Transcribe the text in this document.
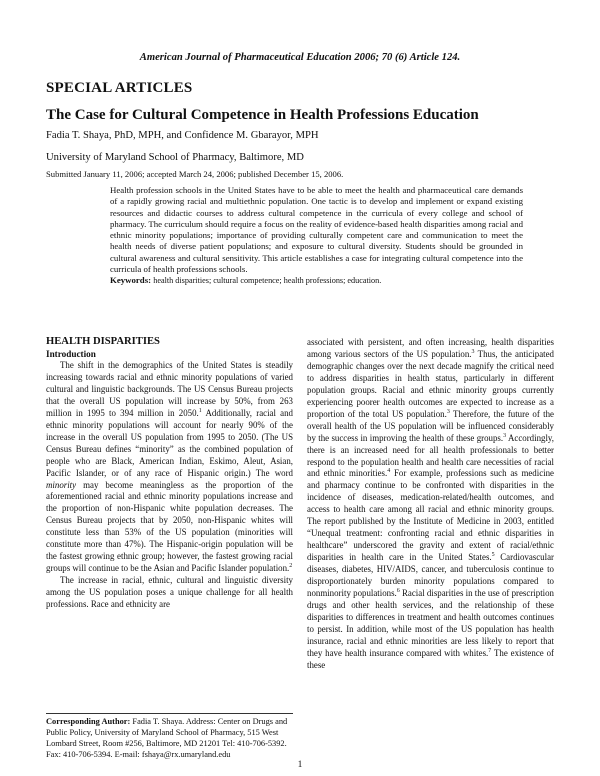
American Journal of Pharmaceutical Education 2006; 70 (6) Article 124.
SPECIAL ARTICLES
The Case for Cultural Competence in Health Professions Education
Fadia T. Shaya, PhD, MPH, and Confidence M. Gbarayor, MPH
University of Maryland School of Pharmacy, Baltimore, MD
Submitted January 11, 2006; accepted March 24, 2006; published December 15, 2006.
Health profession schools in the United States have to be able to meet the health and pharmaceutical care demands of a rapidly growing racial and multiethnic population. One tactic is to develop and implement or expand existing resources and didactic courses to address cultural competence in the curricula of every college and school of pharmacy. The curriculum should require a focus on the reality of evidence-based health disparities among racial and ethnic minority populations; importance of providing culturally competent care and communication to meet the health needs of diverse patient populations; and exposure to cultural diversity. Students should be grounded in cultural awareness and cultural sensitivity. This article establishes a case for integrating cultural competence into the curricula of health professions schools.
Keywords: health disparities; cultural competence; health professions; education.
HEALTH DISPARITIES
Introduction

The shift in the demographics of the United States is steadily increasing towards racial and ethnic minority populations of varied cultural and linguistic backgrounds. The US Census Bureau projects that the overall US population will increase by 50%, from 263 million in 1995 to 394 million in 2050.$^1$ Additionally, racial and ethnic minority populations will account for nearly 90% of the increase in the overall US population from 1995 to 2050. (The US Census Bureau defines “minority” as the combined population of people who are Black, American Indian, Eskimo, Aleut, Asian, Pacific Islander, or of any race of Hispanic origin.) The word minority may become meaningless as the proportion of the aforementioned racial and ethnic minority populations increase and the proportion of non-Hispanic white population decreases. The Census Bureau projects that by 2050, non-Hispanic whites will constitute less than 53% of the US population (minorities will constitute more than 47%). The Hispanic-origin population will be the fastest growing ethnic group; however, the fastest growing racial groups will continue to be the Asian and Pacific Islander population.$^2$

The increase in racial, ethnic, cultural and linguistic diversity among the US population poses a unique challenge for all health professions. Race and ethnicity are

associated with persistent, and often increasing, health disparities among various sectors of the US population.$^3$ Thus, the anticipated demographic changes over the next decade magnify the critical need to address disparities in health status, particularly in different population groups. Racial and ethnic minority groups currently experiencing poorer health outcomes are expected to increase as a proportion of the total US population.$^3$ Therefore, the future of the overall health of the US population will be influenced considerably by the success in improving the health of these groups.$^3$ Accordingly, there is an increased need for all health professionals to better respond to the population health and health care necessities of racial and ethnic minorities.$^4$ For example, professions such as medicine and pharmacy continue to be confronted with disparities in the incidence of diseases, medication-related/health outcomes, and access to health care among all racial and ethnic minority groups. The report published by the Institute of Medicine in 2003, entitled “Unequal treatment: confronting racial and ethnic disparities in healthcare” underscored the gravity and extent of racial/ethnic disparities in health care in the United States.$^5$ Cardiovascular diseases, diabetes, HIV/AIDS, cancer, and tuberculosis continue to disproportionately burden minority populations compared to nonminority populations.$^6$ Racial disparities in the use of prescription drugs and other health services, and the relationship of these disparities to differences in treatment and health outcomes continues to persist. In addition, while most of the US population has health insurance, racial and ethnic minorities are less likely to report that they have health insurance compared with whites.$^7$ The existence of these

Corresponding Author: Fadia T. Shaya. Address: Center on Drugs and Public Policy, University of Maryland School of Pharmacy, 515 West Lombard Street, Room #256, Baltimore, MD 21201 Tel: 410-706-5392. Fax: 410-706-5394. E-mail: fshaya@rx.umaryland.edu
1
